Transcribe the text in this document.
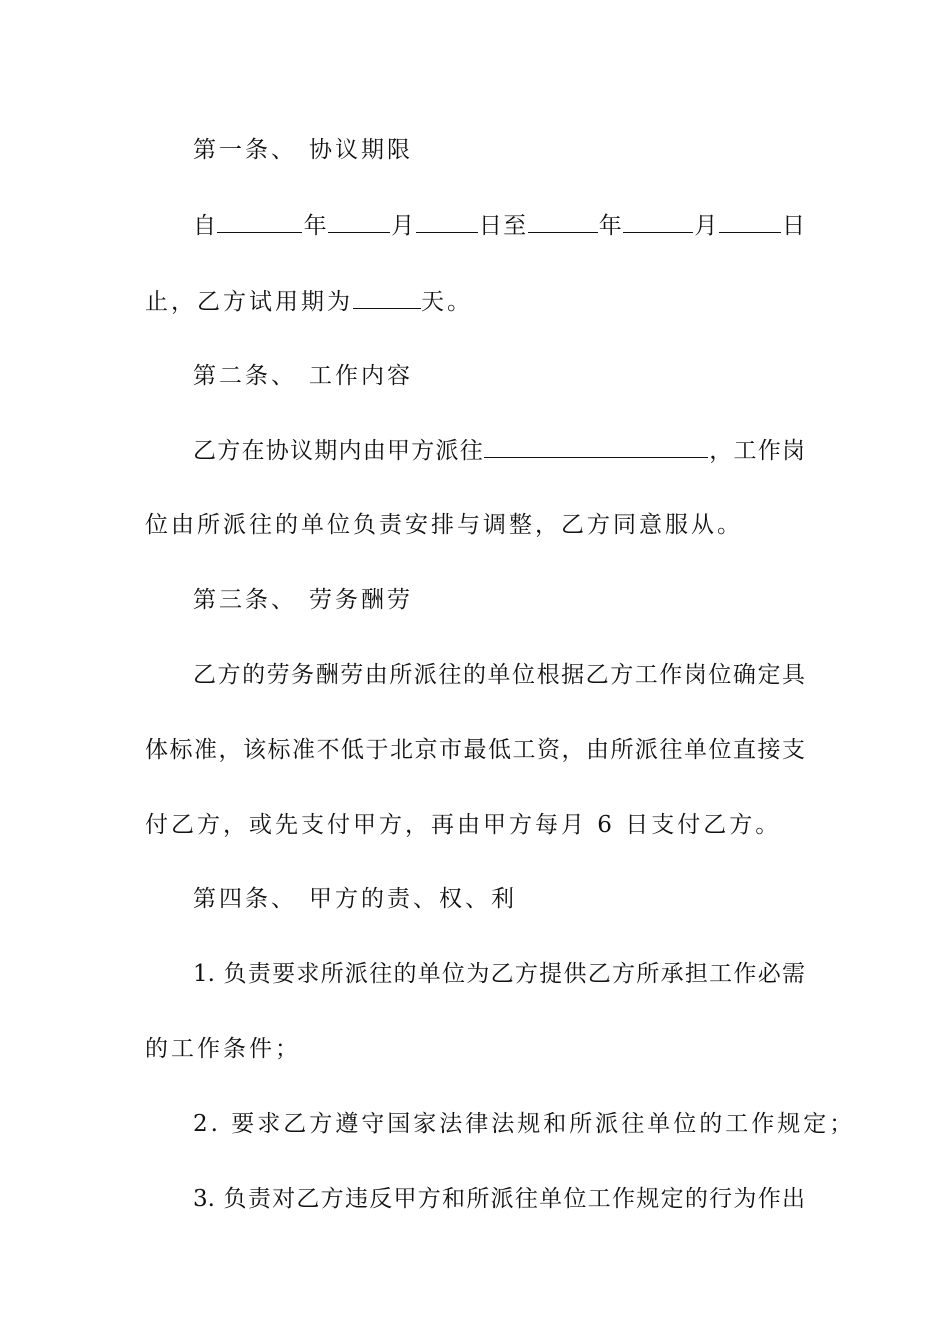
第一条、 协议期限
自	年	月	日至	年	月	日
止，乙方试用期为	天。
第二条、 工作内容
乙方在协议期内由甲方派往	，工作岗
位由所派往的单位负责安排与调整，乙方同意服从。
第三条、 劳务酬劳
乙方的劳务酬劳由所派往的单位根据乙方工作岗位确定具
体标准，该标准不低于北京市最低工资，由所派往单位直接支
付乙方，或先支付甲方，再由甲方每月 6 日支付乙方。
第四条、 甲方的责、权、利
1. 负责要求所派往的单位为乙方提供乙方所承担工作必需
的工作条件；
2. 要求乙方遵守国家法律法规和所派往单位的工作规定；
3. 负责对乙方违反甲方和所派往单位工作规定的行为作出
